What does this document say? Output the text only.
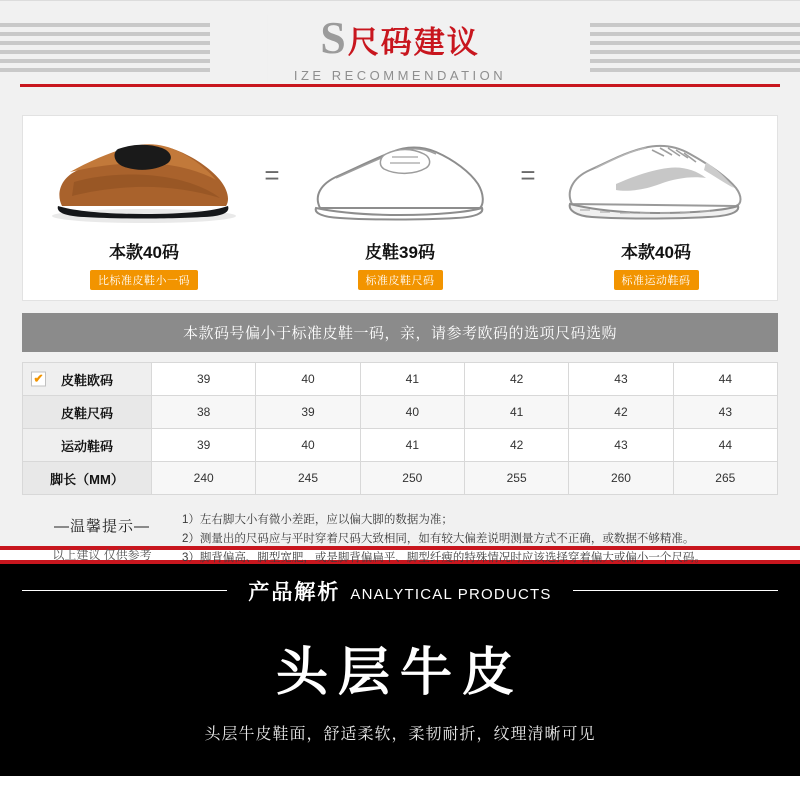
S 尺码建议
IZE RECOMMENDATION
本款40码
比标准皮鞋小一码
=
皮鞋39码
标准皮鞋尺码
=
本款40码
标准运动鞋码
本款码号偏小于标准皮鞋一码，亲，请参考欧码的选项尺码选购
✔ 皮鞋欧码	39	40	41	42	43	44
皮鞋尺码	38	39	40	41	42	43
运动鞋码	39	40	41	42	43	44
脚长（MM）	240	245	250	255	260	265
—温馨提示—
以上建议 仅供参考
1）左右脚大小有微小差距，应以偏大脚的数据为准；
2）测量出的尺码应与平时穿着尺码大致相同，如有较大偏差说明测量方式不正确，或数据不够精准。
3）脚背偏高、脚型宽肥，或是脚背偏扁平、脚型纤瘦的特殊情况时应该选择穿着偏大或偏小一个尺码。
产品解析 ANALYTICAL PRODUCTS
头层牛皮
头层牛皮鞋面，舒适柔软，柔韧耐折，纹理清晰可见
